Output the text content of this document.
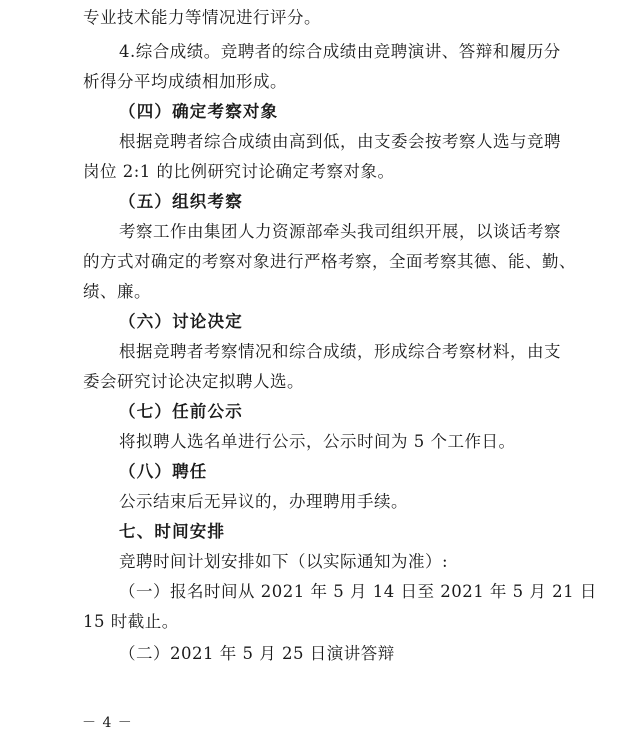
专业技术能力等情况进行评分。
4.综合成绩。竞聘者的综合成绩由竞聘演讲、答辩和履历分
析得分平均成绩相加形成。
（四）确定考察对象
根据竞聘者综合成绩由高到低，由支委会按考察人选与竞聘
岗位 2:1 的比例研究讨论确定考察对象。
（五）组织考察
考察工作由集团人力资源部牵头我司组织开展，以谈话考察
的方式对确定的考察对象进行严格考察，全面考察其德、能、勤、
绩、廉。
（六）讨论决定
根据竞聘者考察情况和综合成绩，形成综合考察材料，由支
委会研究讨论决定拟聘人选。
（七）任前公示
将拟聘人选名单进行公示，公示时间为 5 个工作日。
（八）聘任
公示结束后无异议的，办理聘用手续。
七、时间安排
竞聘时间计划安排如下（以实际通知为准）:
（一）报名时间从 2021 年 5 月 14 日至 2021 年 5 月 21 日
15 时截止。
（二）2021 年 5 月 25 日演讲答辩
－ 4 －
